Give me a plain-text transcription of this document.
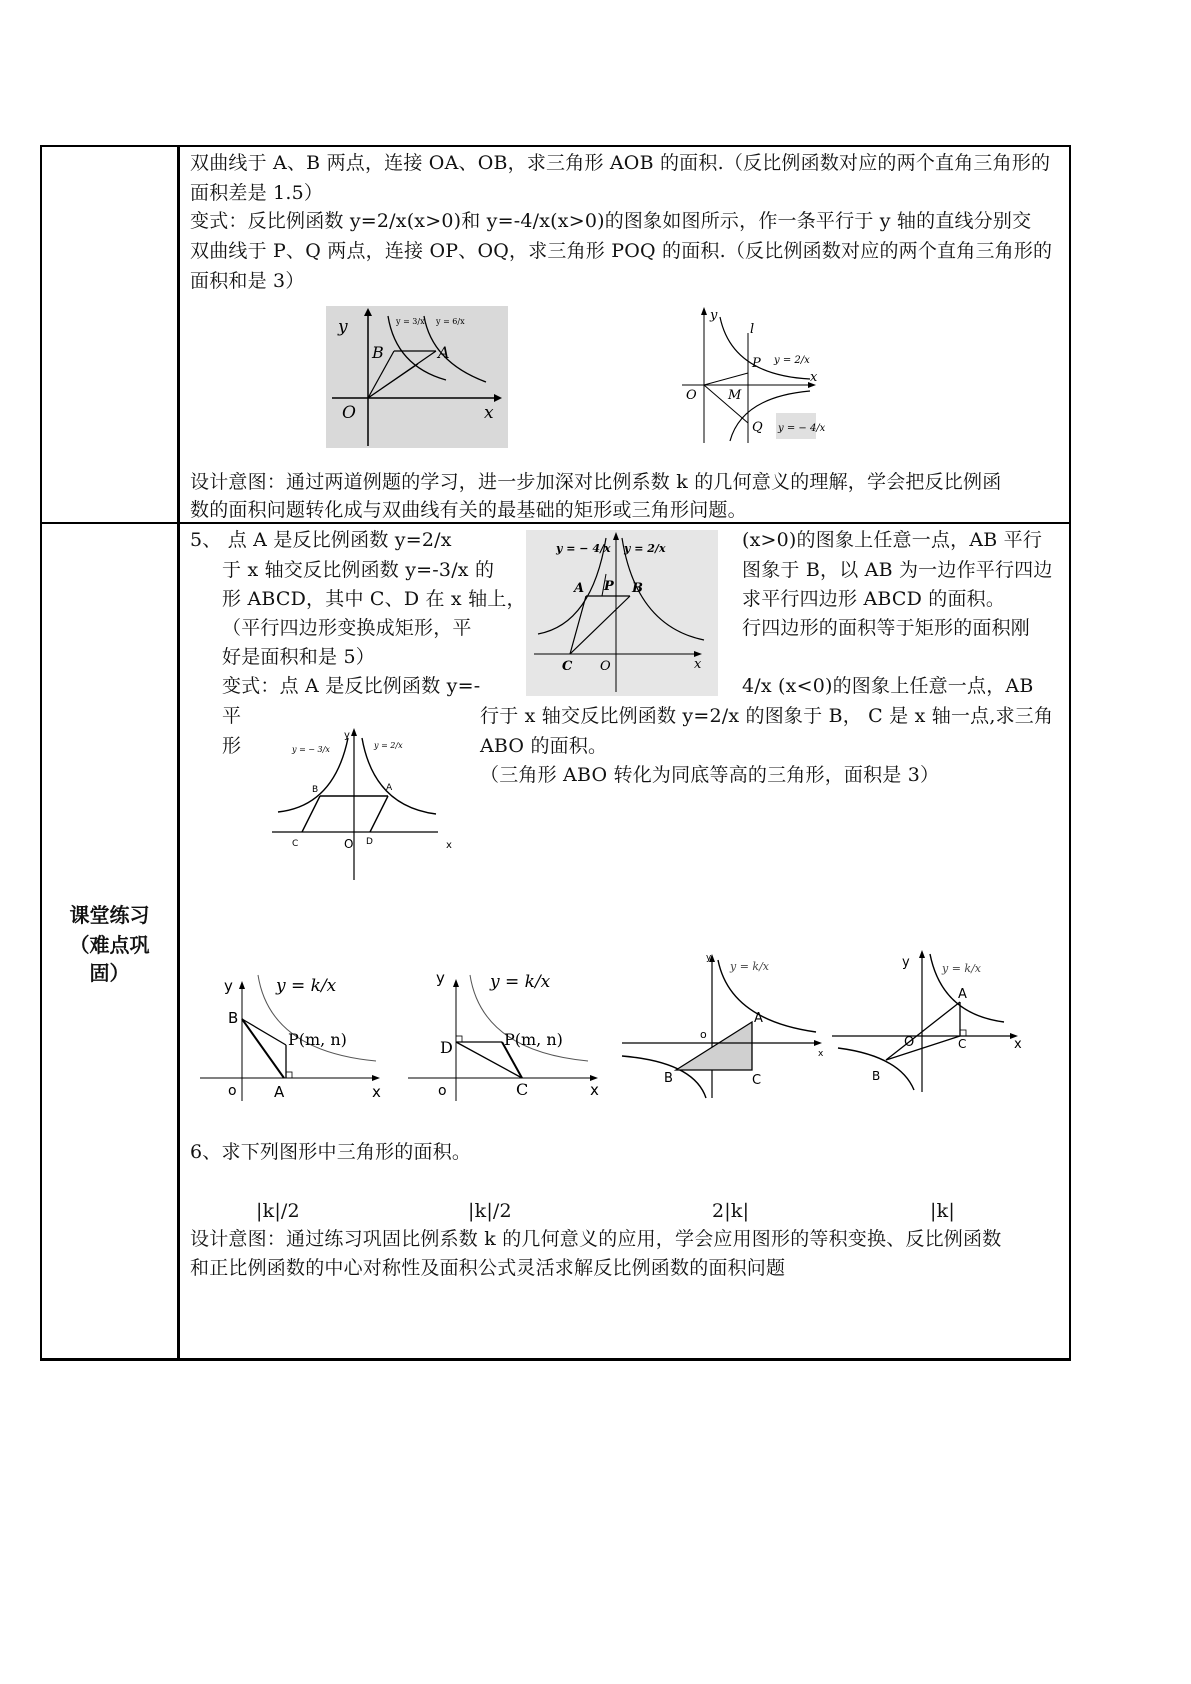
双曲线于 A、B 两点，连接 OA、OB，求三角形 AOB 的面积.（反比例函数对应的两个直角三角形的
面积差是 1.5）
变式：反比例函数 y=2/x(x>0)和 y=-4/x(x>0)的图象如图所示，作一条平行于 y 轴的直线分别交
双曲线于 P、Q 两点，连接 OP、OQ，求三角形 POQ 的面积.（反比例函数对应的两个直角三角形的
面积和是 3）
y
B	A
O	x
y = 3/x y = 6/x	y
l
P y = 2/x
O M
x
Q y = − 4/x
设计意图：通过两道例题的学习，进一步加深对比例系数 k 的几何意义的理解，学会把反比例函
数的面积问题转化成与双曲线有关的最基础的矩形或三角形问题。
课堂练习
（难点巩
固）
5、 点 A 是反比例函数 y=2/x
于 x 轴交反比例函数 y=-3/x 的
形 ABCD，其中 C、D 在 x 轴上，
（平行四边形变换成矩形，平
好是面积和是 5）
变式：点 A 是反比例函数 y=-
平
形
(x>0)的图象上任意一点，AB 平行
图象于 B，以 AB 为一边作平行四边
求平行四边形 ABCD 的面积。
行四边形的面积等于矩形的面积刚
4/x (x<0)的图象上任意一点，AB
行于 x 轴交反比例函数 y=2/x 的图象于 B， C 是 x 轴一点,求三角
ABO 的面积。
（三角形 ABO 转化为同底等高的三角形，面积是 3）
y = − 4/x y = 2/x
A P B
C O	x
y
y = − 3/x	y = 2/x
B	A
C	O D	x
y	y = k/x
B
P(m, n)
o A	x
y	y = k/x
D	P(m, n)
o	C	x
y
y = k/x
o
A
x
B	C
y	y = k/x
A
O	C	x
B
6、求下列图形中三角形的面积。
|k|/2	|k|/2	2|k|	|k|
设计意图：通过练习巩固比例系数 k 的几何意义的应用，学会应用图形的等积变换、反比例函数
和正比例函数的中心对称性及面积公式灵活求解反比例函数的面积问题
